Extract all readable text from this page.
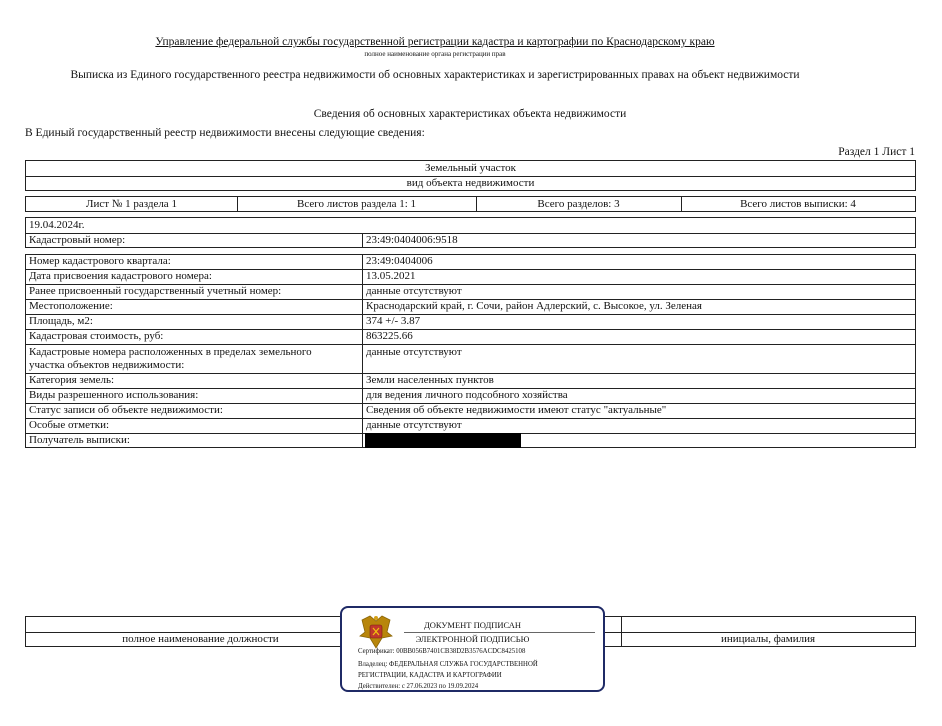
Управление федеральной службы государственной регистрации кадастра и картографии по Краснодарскому краю
полное наименование органа регистрации прав
Выписка из Единого государственного реестра недвижимости об основных характеристиках и зарегистрированных правах на объект недвижимости
Сведения об основных характеристиках объекта недвижимости
В Единый государственный реестр недвижимости внесены следующие сведения:
Раздел 1 Лист 1
Земельный участок
вид объекта недвижимости
Лист № 1 раздела 1	Всего листов раздела 1: 1	Всего разделов: 3	Всего листов выписки: 4
19.04.2024г.
Кадастровый номер:	23:49:0404006:9518
Номер кадастрового квартала:	23:49:0404006
Дата присвоения кадастрового номера:	13.05.2021
Ранее присвоенный государственный учетный номер:	данные отсутствуют
Местоположение:	Краснодарский край, г. Сочи, район Адлерский, с. Высокое, ул. Зеленая
Площадь, м2:	374 +/- 3.87
Кадастровая стоимость, руб:	863225.66
Кадастровые номера расположенных в пределах земельного
участка объектов недвижимости:
данные отсутствуют
Категория земель:	Земли населенных пунктов
Виды разрешенного использования:	для ведения личного подсобного хозяйства
Статус записи об объекте недвижимости:	Сведения об объекте недвижимости имеют статус "актуальные"
Особые отметки:	данные отсутствуют
Получатель выписки:
полное наименование должности	инициалы, фамилия
ДОКУМЕНТ ПОДПИСАН
ЭЛЕКТРОННОЙ ПОДПИСЬЮ
Сертификат: 00BB056B7401CB38D2B3576ACDC8425108
Владелец: ФЕДЕРАЛЬНАЯ СЛУЖБА ГОСУДАРСТВЕННОЙ
РЕГИСТРАЦИИ, КАДАСТРА И КАРТОГРАФИИ
Действителен: с 27.06.2023 по 19.09.2024
